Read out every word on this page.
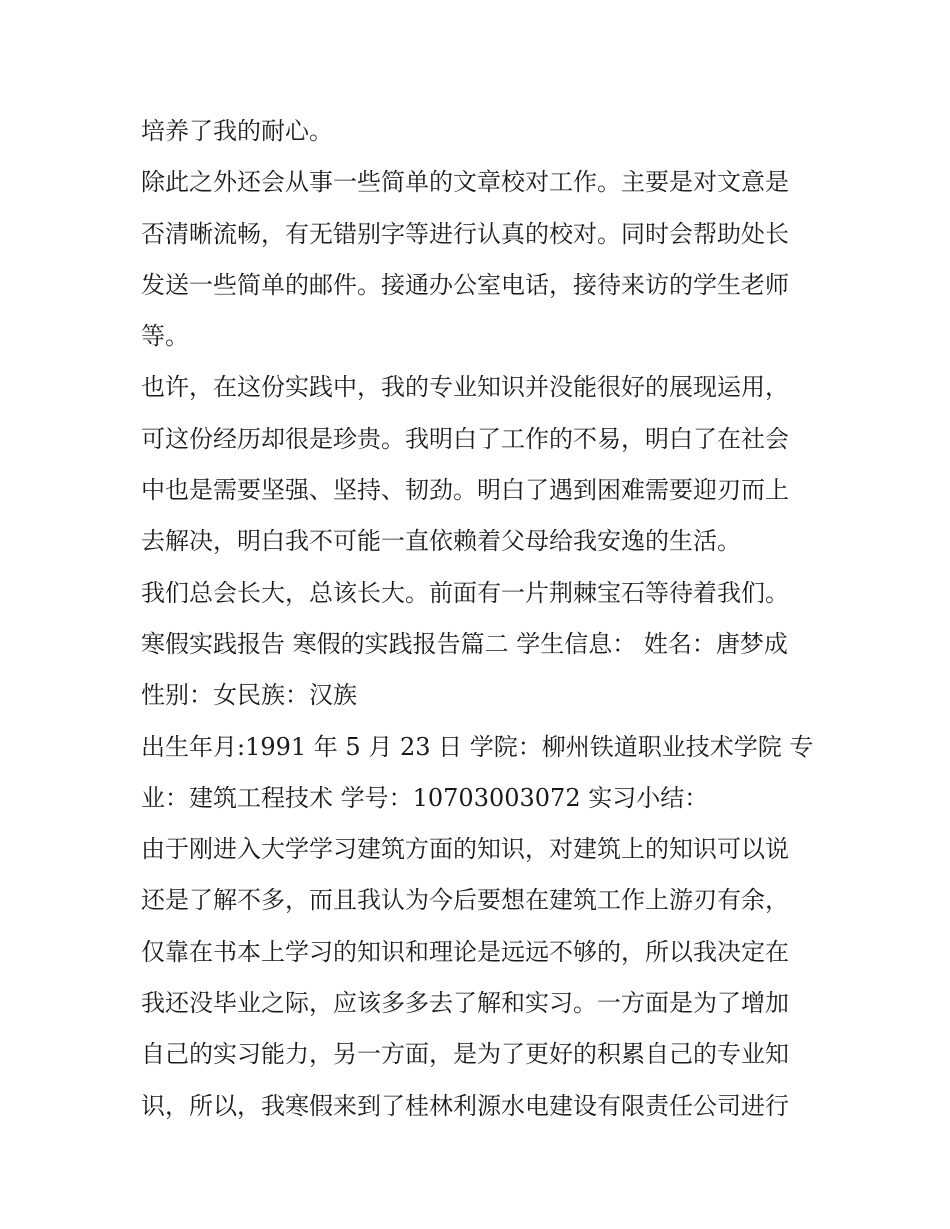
培养了我的耐心。
除此之外还会从事一些简单的文章校对工作。主要是对文意是
否清晰流畅，有无错别字等进行认真的校对。同时会帮助处长
发送一些简单的邮件。接通办公室电话，接待来访的学生老师
等。
也许，在这份实践中，我的专业知识并没能很好的展现运用，
可这份经历却很是珍贵。我明白了工作的不易，明白了在社会
中也是需要坚强、坚持、韧劲。明白了遇到困难需要迎刃而上
去解决，明白我不可能一直依赖着父母给我安逸的生活。
我们总会长大，总该长大。前面有一片荆棘宝石等待着我们。
寒假实践报告 寒假的实践报告篇二 学生信息： 姓名：唐梦成
性别：女民族：汉族
出生年月:1991 年 5 月 23 日 学院：柳州铁道职业技术学院 专
业：建筑工程技术 学号：10703003072 实习小结：
由于刚进入大学学习建筑方面的知识，对建筑上的知识可以说
还是了解不多，而且我认为今后要想在建筑工作上游刃有余，
仅靠在书本上学习的知识和理论是远远不够的，所以我决定在
我还没毕业之际，应该多多去了解和实习。一方面是为了增加
自己的实习能力，另一方面，是为了更好的积累自己的专业知
识，所以，我寒假来到了桂林利源水电建设有限责任公司进行
